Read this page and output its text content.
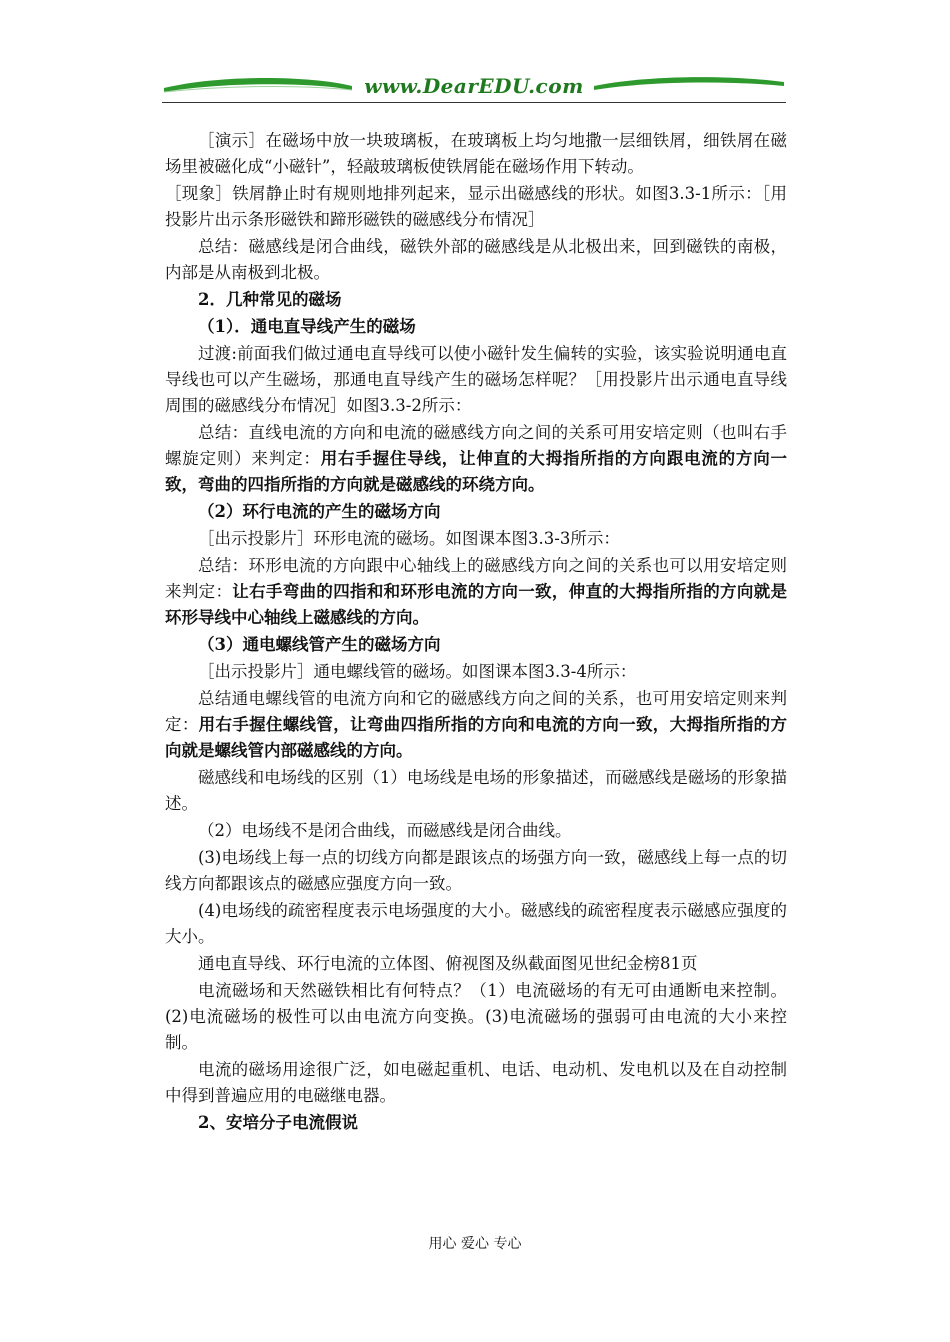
www.DearEDU.com

［演示］在磁场中放一块玻璃板，在玻璃板上均匀地撒一层细铁屑，细铁屑在磁场里被磁化成“小磁针”，轻敲玻璃板使铁屑能在磁场作用下转动。

［现象］铁屑静止时有规则地排列起来，显示出磁感线的形状。如图3.3-1所示：［用投影片出示条形磁铁和蹄形磁铁的磁感线分布情况］

总结：磁感线是闭合曲线，磁铁外部的磁感线是从北极出来，回到磁铁的南极，内部是从南极到北极。

2．几种常见的磁场

（1）．通电直导线产生的磁场

过渡:前面我们做过通电直导线可以使小磁针发生偏转的实验，该实验说明通电直导线也可以产生磁场，那通电直导线产生的磁场怎样呢？［用投影片出示通电直导线周围的磁感线分布情况］如图3.3-2所示：

总结：直线电流的方向和电流的磁感线方向之间的关系可用安培定则（也叫右手螺旋定则）来判定：用右手握住导线，让伸直的大拇指所指的方向跟电流的方向一致，弯曲的四指所指的方向就是磁感线的环绕方向。

（2）环行电流的产生的磁场方向

［出示投影片］环形电流的磁场。如图课本图3.3-3所示：

总结：环形电流的方向跟中心轴线上的磁感线方向之间的关系也可以用安培定则来判定：让右手弯曲的四指和和环形电流的方向一致，伸直的大拇指所指的方向就是环形导线中心轴线上磁感线的方向。

（3）通电螺线管产生的磁场方向

［出示投影片］通电螺线管的磁场。如图课本图3.3-4所示：

总结通电螺线管的电流方向和它的磁感线方向之间的关系，也可用安培定则来判定：用右手握住螺线管，让弯曲四指所指的方向和电流的方向一致，大拇指所指的方向就是螺线管内部磁感线的方向。

磁感线和电场线的区别（1）电场线是电场的形象描述，而磁感线是磁场的形象描述。

（2）电场线不是闭合曲线，而磁感线是闭合曲线。

(3)电场线上每一点的切线方向都是跟该点的场强方向一致，磁感线上每一点的切线方向都跟该点的磁感应强度方向一致。

(4)电场线的疏密程度表示电场强度的大小。磁感线的疏密程度表示磁感应强度的大小。

通电直导线、环行电流的立体图、俯视图及纵截面图见世纪金榜81页

电流磁场和天然磁铁相比有何特点？（1）电流磁场的有无可由通断电来控制。(2)电流磁场的极性可以由电流方向变换。(3)电流磁场的强弱可由电流的大小来控制。

电流的磁场用途很广泛，如电磁起重机、电话、电动机、发电机以及在自动控制中得到普遍应用的电磁继电器。

2、安培分子电流假说

用心 爱心 专心
